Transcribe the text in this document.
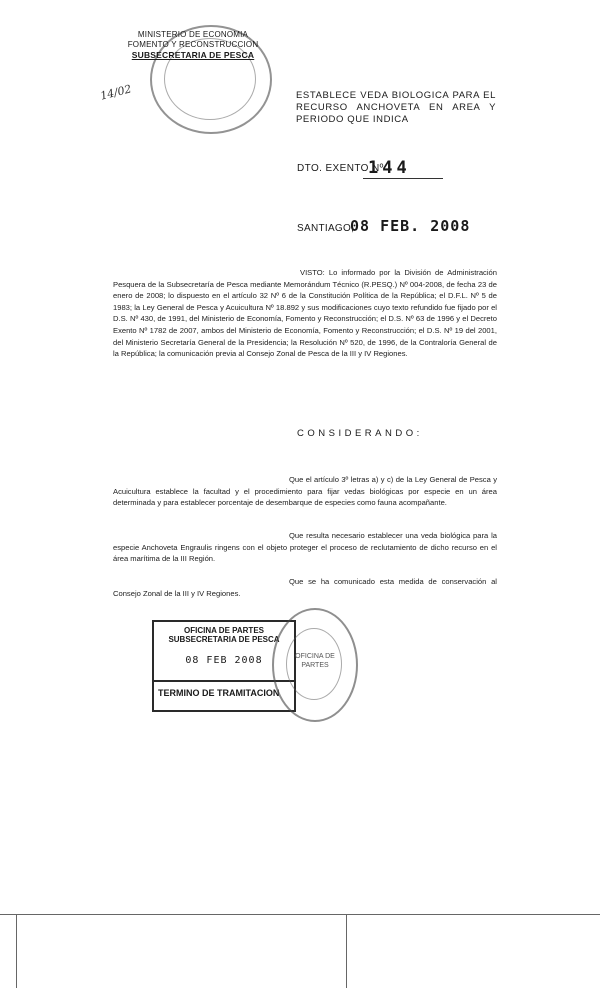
MINISTERIO DE ECONOMIA
FOMENTO Y RECONSTRUCCION
SUBSECRETARIA DE PESCA
14/02	ESTABLECE VEDA BIOLOGICA PARA EL RECURSO ANCHOVETA EN AREA Y PERIODO QUE INDICA
DTO. EXENTO Nº
144
SANTIAGO,
08 FEB. 2008
VISTO: Lo informado por la División de Administración Pesquera de la Subsecretaría de Pesca mediante Memorándum Técnico (R.PESQ.) Nº 004-2008, de fecha 23 de enero de 2008; lo dispuesto en el artículo 32 Nº 6 de la Constitución Política de la República; el D.F.L. Nº 5 de 1983; la Ley General de Pesca y Acuicultura Nº 18.892 y sus modificaciones cuyo texto refundido fue fijado por el D.S. Nº 430, de 1991, del Ministerio de Economía, Fomento y Reconstrucción; el D.S. Nº 63 de 1996 y el Decreto Exento Nº 1782 de 2007, ambos del Ministerio de Economía, Fomento y Reconstrucción; el D.S. Nº 19 del 2001, del Ministerio Secretaría General de la Presidencia; la Resolución Nº 520, de 1996, de la Contraloría General de la República; la comunicación previa al Consejo Zonal de Pesca de la III y IV Regiones.
CONSIDERANDO:
Que el artículo 3º letras a) y c) de la Ley General de Pesca y Acuicultura establece la facultad y el procedimiento para fijar vedas biológicas por especie en un área determinada y para establecer porcentaje de desembarque de especies como fauna acompañante.
Que resulta necesario establecer una veda biológica para la especie Anchoveta Engraulis ringens con el objeto proteger el proceso de reclutamiento de dicho recurso en el área marítima de la III Región.
Que se ha comunicado esta medida de conservación al Consejo Zonal de la III y IV Regiones.
OFICINA DE PARTES
SUBSECRETARIA DE PESCA
08 FEB 2008
TERMINO DE TRAMITACION
OFICINA DE PARTES
